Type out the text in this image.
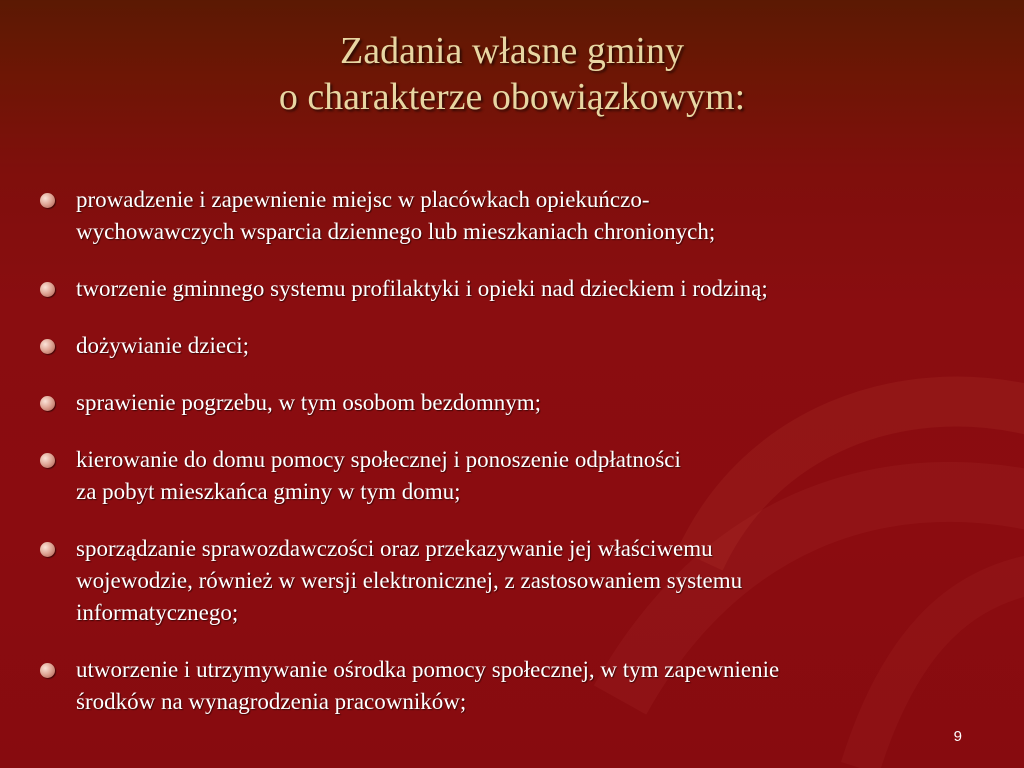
Zadania własne gminy
o charakterze obowiązkowym:
prowadzenie i zapewnienie miejsc w placówkach opiekuńczo-
wychowawczych wsparcia dziennego lub mieszkaniach chronionych;
tworzenie gminnego systemu profilaktyki i opieki nad dzieckiem i rodziną;
dożywianie dzieci;
sprawienie pogrzebu, w tym osobom bezdomnym;
kierowanie do domu pomocy społecznej i ponoszenie odpłatności
za pobyt mieszkańca gminy w tym domu;
sporządzanie sprawozdawczości oraz przekazywanie jej właściwemu
wojewodzie, również w wersji elektronicznej, z zastosowaniem systemu
informatycznego;
utworzenie i utrzymywanie ośrodka pomocy społecznej, w tym zapewnienie
środków na wynagrodzenia pracowników;
9
